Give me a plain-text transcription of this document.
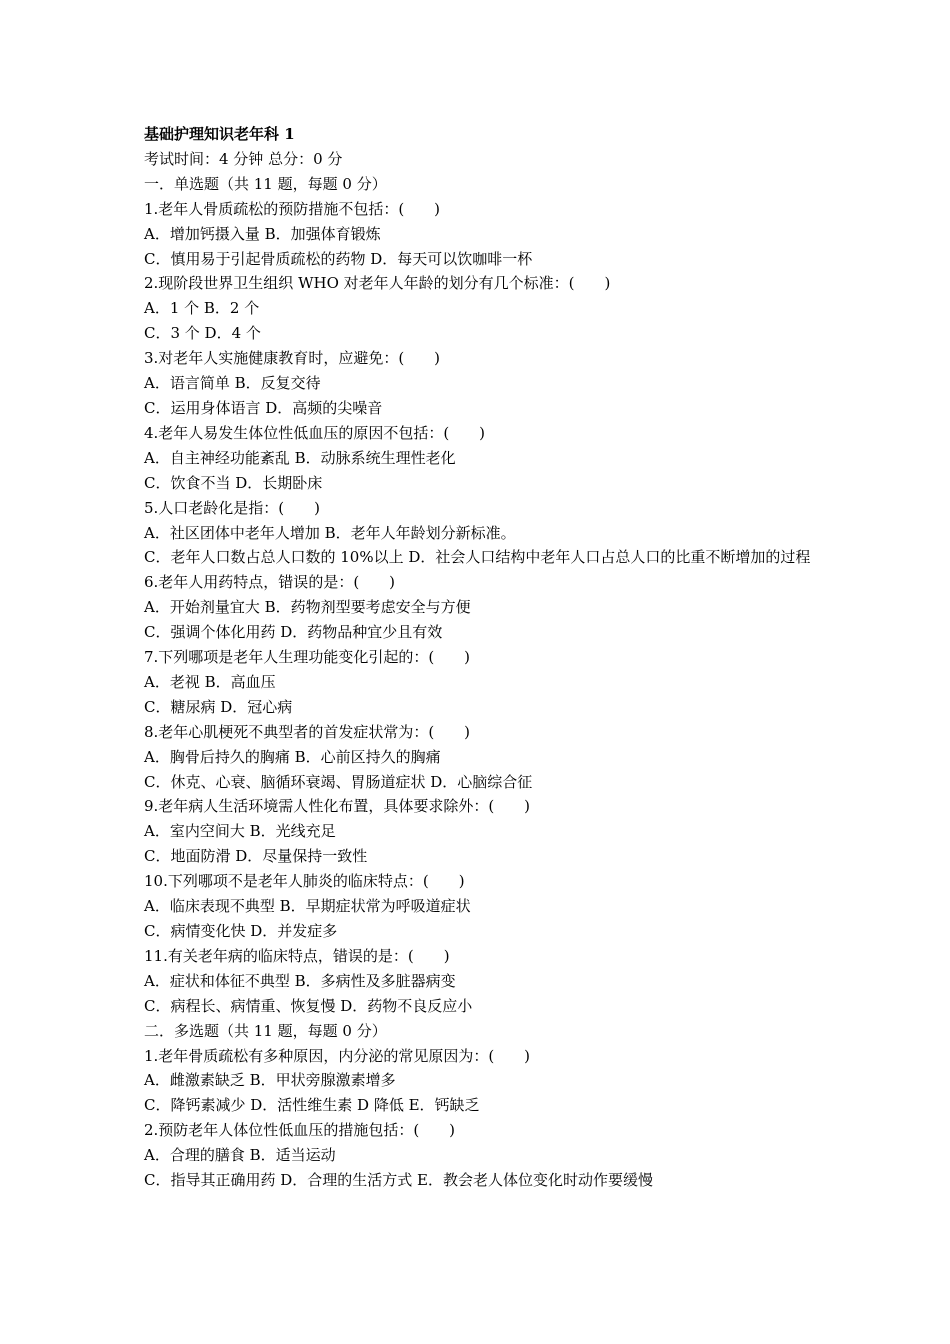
基础护理知识老年科 1
考试时间：4 分钟 总分：0 分
一．单选题（共 11 题，每题 0 分）
1.老年人骨质疏松的预防措施不包括：(　　)
A．增加钙摄入量 B．加强体育锻炼
C．慎用易于引起骨质疏松的药物 D．每天可以饮咖啡一杯
2.现阶段世界卫生组织 WHO 对老年人年龄的划分有几个标准：(　　)
A．1 个 B．2 个
C．3 个 D．4 个
3.对老年人实施健康教育时，应避免：(　　)
A．语言简单 B．反复交待
C．运用身体语言 D．高频的尖噪音
4.老年人易发生体位性低血压的原因不包括：(　　)
A．自主神经功能紊乱 B．动脉系统生理性老化
C．饮食不当 D．长期卧床
5.人口老龄化是指：(　　)
A．社区团体中老年人增加 B．老年人年龄划分新标准。
C．老年人口数占总人口数的 10%以上 D．社会人口结构中老年人口占总人口的比重不断增加的过程
6.老年人用药特点，错误的是：(　　)
A．开始剂量宜大 B．药物剂型要考虑安全与方便
C．强调个体化用药 D．药物品种宜少且有效
7.下列哪项是老年人生理功能变化引起的：(　　)
A．老视 B．高血压
C．糖尿病 D．冠心病
8.老年心肌梗死不典型者的首发症状常为：(　　)
A．胸骨后持久的胸痛 B．心前区持久的胸痛
C．休克、心衰、脑循环衰竭、胃肠道症状 D．心脑综合征
9.老年病人生活环境需人性化布置，具体要求除外：(　　)
A．室内空间大 B．光线充足
C．地面防滑 D．尽量保持一致性
10.下列哪项不是老年人肺炎的临床特点：(　　)
A．临床表现不典型 B．早期症状常为呼吸道症状
C．病情变化快 D．并发症多
11.有关老年病的临床特点，错误的是：(　　)
A．症状和体征不典型 B．多病性及多脏器病变
C．病程长、病情重、恢复慢 D．药物不良反应小
二．多选题（共 11 题，每题 0 分）
1.老年骨质疏松有多种原因，内分泌的常见原因为：(　　)
A．雌激素缺乏 B．甲状旁腺激素增多
C．降钙素减少 D．活性维生素 D 降低 E．钙缺乏
2.预防老年人体位性低血压的措施包括：(　　)
A．合理的膳食 B．适当运动
C．指导其正确用药 D．合理的生活方式 E．教会老人体位变化时动作要缓慢
